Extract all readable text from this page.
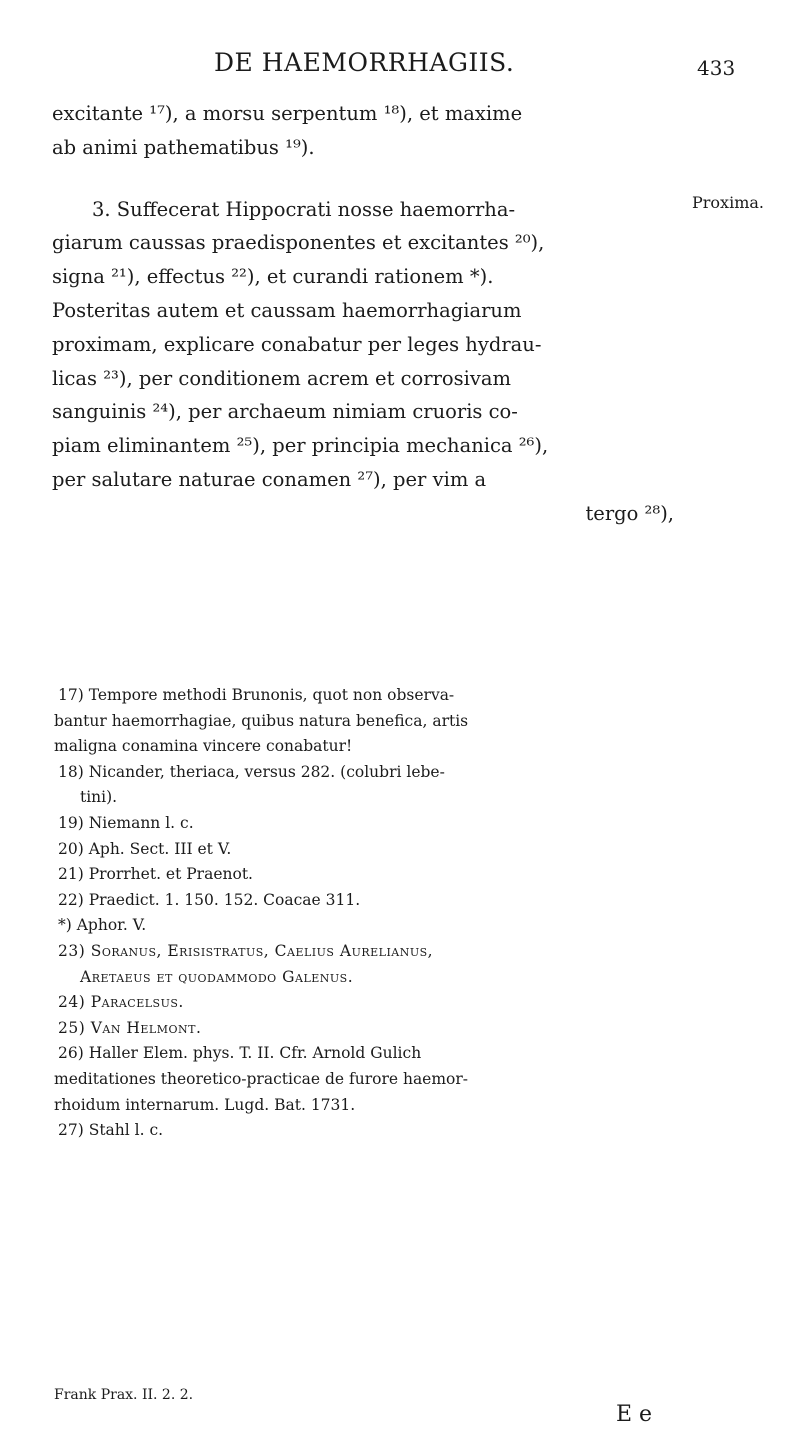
DE HAEMORRHAGIIS.	433
Proxima.
excitante ¹⁷), a morsu serpentum ¹⁸), et maxime
ab animi pathematibus ¹⁹).
3. Suffecerat Hippocrati nosse haemorrha-
giarum caussas praedisponentes et excitantes ²⁰),
signa ²¹), effectus ²²), et curandi rationem *).
Posteritas autem et caussam haemorrhagiarum
proximam, explicare conabatur per leges hydrau-
licas ²³), per conditionem acrem et corrosivam
sanguinis ²⁴), per archaeum nimiam cruoris co-
piam eliminantem ²⁵), per principia mechanica ²⁶),
per salutare naturae conamen ²⁷), per vim a
tergo ²⁸),
17) Tempore methodi Brunonis, quot non observa-
bantur haemorrhagiae, quibus natura benefica, artis
maligna conamina vincere conabatur!
18) Nicander, theriaca, versus 282. (colubri lebe-
tini).
19) Niemann l. c.
20) Aph. Sect. III et V.
21) Prorrhet. et Praenot.
22) Praedict. 1. 150. 152. Coacae 311.
*) Aphor. V.
23) Soranus, Erisistratus, Caelius Aurelianus,
Aretaeus et quodammodo Galenus.
24) Paracelsus.
25) Van Helmont.
26) Haller Elem. phys. T. II. Cfr. Arnold Gulich
meditationes theoretico-practicae de furore haemor-
rhoidum internarum. Lugd. Bat. 1731.
27) Stahl l. c.
Frank Prax. II. 2. 2.
E e
